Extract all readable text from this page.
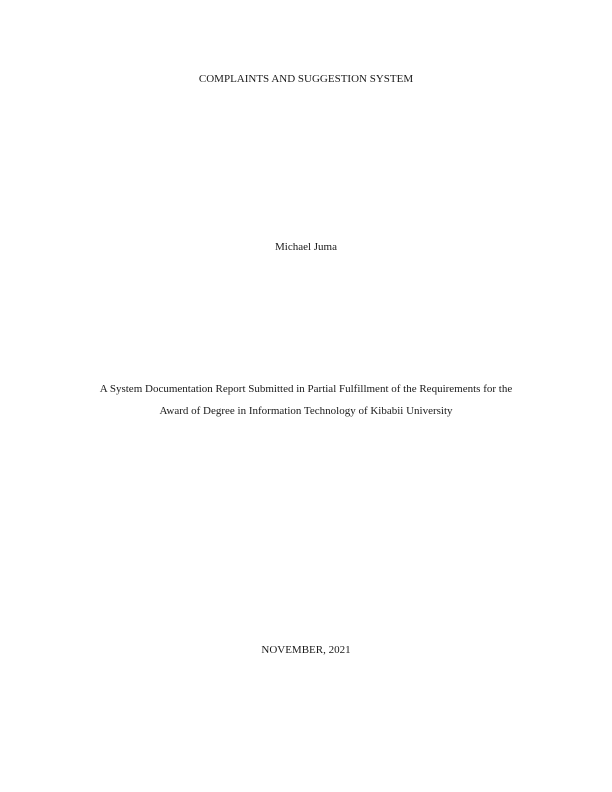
COMPLAINTS AND SUGGESTION SYSTEM
Michael Juma
A System Documentation Report Submitted in Partial Fulfillment of the Requirements for the
Award of Degree in Information Technology of Kibabii University
NOVEMBER, 2021
